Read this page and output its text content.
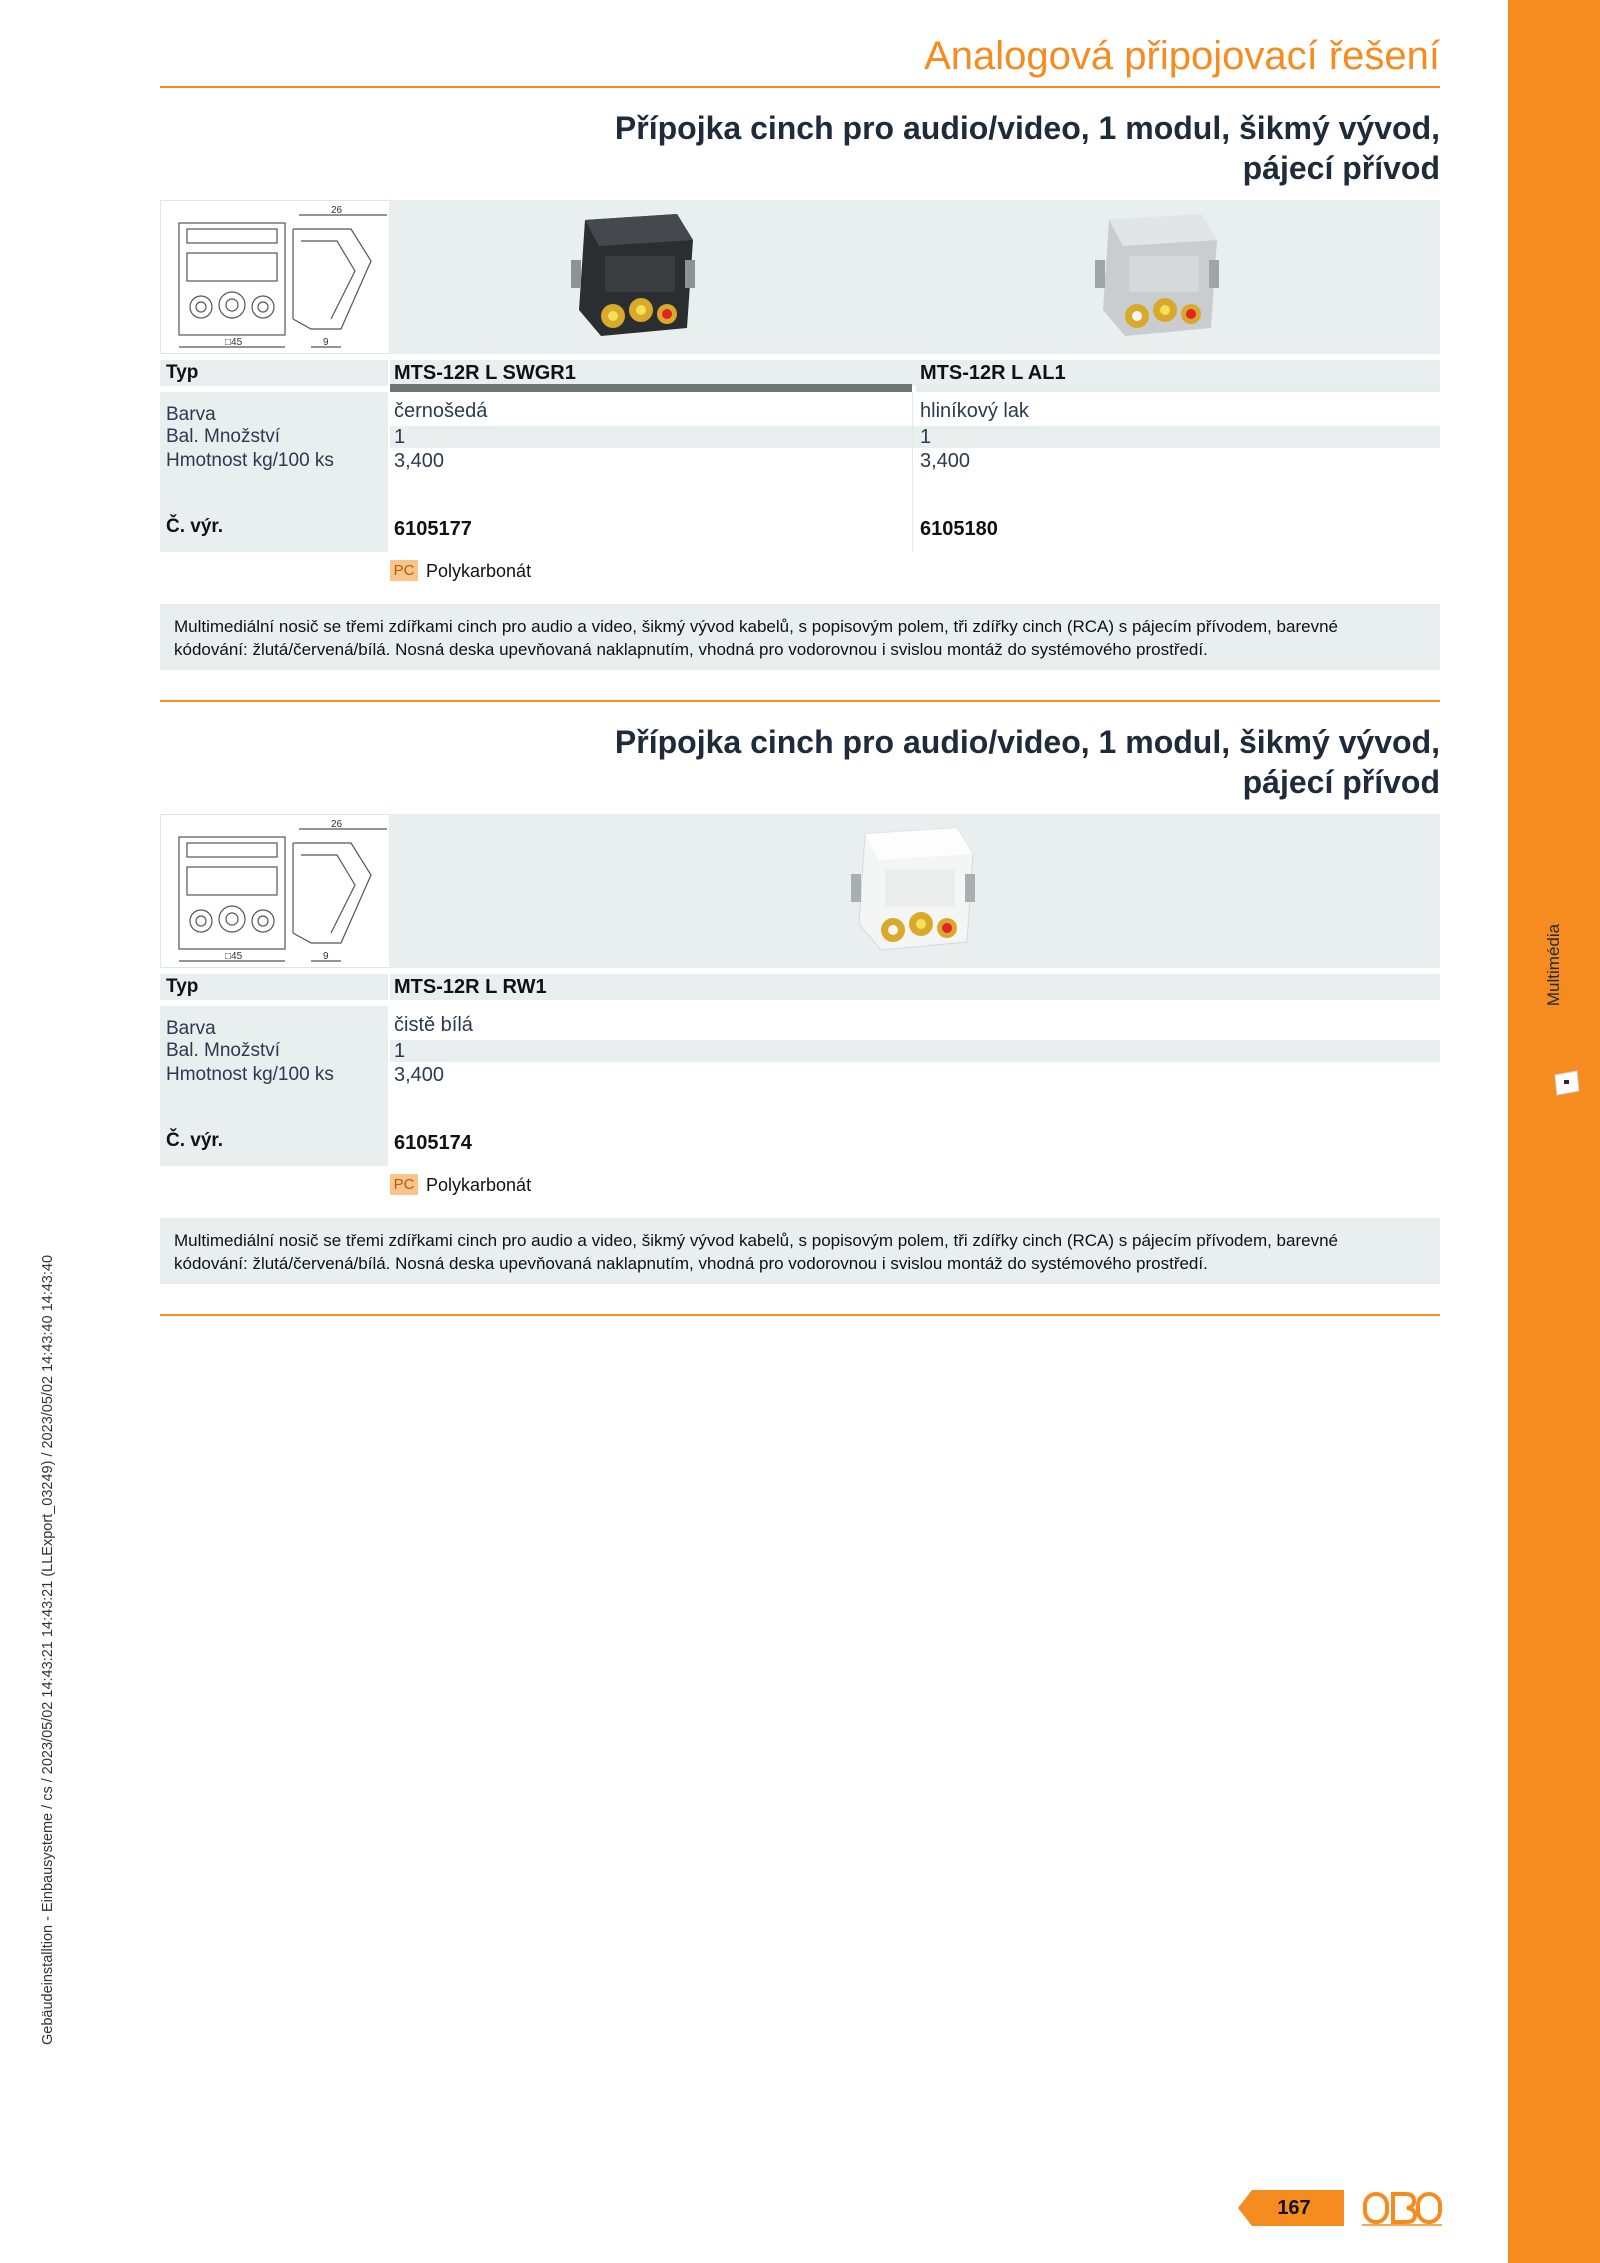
Multimédia
Gebäudeinstalltion - Einbausysteme / cs / 2023/05/02 14:43:21 14:43:21 (LLExport_03249) / 2023/05/02 14:43:40 14:43:40
Analogová připojovací řešení
Přípojka cinch pro audio/video, 1 modul, šikmý vývod,
pájecí přívod
26
□45	9
Typ	MTS-12R L SWGR1	MTS-12R L AL1
Barva	černošedá	hliníkový lak
Bal. Množství	1	1
Hmotnost kg/100 ks	3,400	3,400
Č. výr.	6105177	6105180
PC Polykarbonát
Multimediální nosič se třemi zdířkami cinch pro audio a video, šikmý vývod kabelů, s popisovým polem, tři zdířky cinch (RCA) s pájecím přívodem, barevné
kódování: žlutá/červená/bílá. Nosná deska upevňovaná naklapnutím, vhodná pro vodorovnou i svislou montáž do systémového prostředí.
Přípojka cinch pro audio/video, 1 modul, šikmý vývod,
pájecí přívod
26
□45	9
Typ	MTS-12R L RW1
Barva	čistě bílá
Bal. Množství	1
Hmotnost kg/100 ks	3,400
Č. výr.	6105174
PC Polykarbonát
Multimediální nosič se třemi zdířkami cinch pro audio a video, šikmý vývod kabelů, s popisovým polem, tři zdířky cinch (RCA) s pájecím přívodem, barevné
kódování: žlutá/červená/bílá. Nosná deska upevňovaná naklapnutím, vhodná pro vodorovnou i svislou montáž do systémového prostředí.
167	OBO
